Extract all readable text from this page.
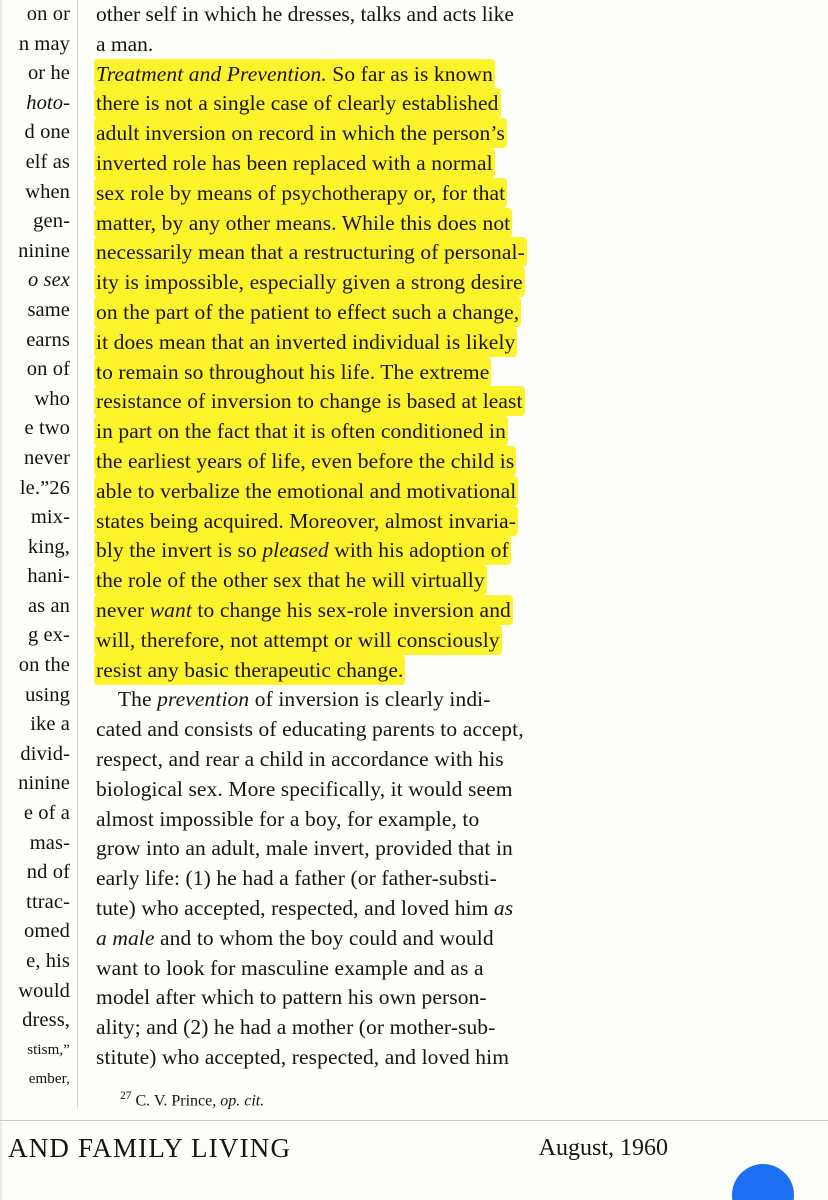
on or
n may
or he
hoto-
d one
elf as
when
gen-
ninine
o sex
same
earns
on of
who
e two
never
le.”26
mix-
king,
hani-
as an
g ex-
on the
using
ike a
divid-
ninine
e of a
mas-
nd of
ttrac-
omed
e, his
would
dress,
stism,”
ember,
other self in which he dresses, talks and acts like
a man.
Treatment and Prevention. So far as is known
there is not a single case of clearly established
adult inversion on record in which the person’s
inverted role has been replaced with a normal
sex role by means of psychotherapy or, for that
matter, by any other means. While this does not
necessarily mean that a restructuring of personal-
ity is impossible, especially given a strong desire
on the part of the patient to effect such a change,
it does mean that an inverted individual is likely
to remain so throughout his life. The extreme
resistance of inversion to change is based at least
in part on the fact that it is often conditioned in
the earliest years of life, even before the child is
able to verbalize the emotional and motivational
states being acquired. Moreover, almost invaria-
bly the invert is so pleased with his adoption of
the role of the other sex that he will virtually
never want to change his sex-role inversion and
will, therefore, not attempt or will consciously
resist any basic therapeutic change.
The prevention of inversion is clearly indi-
cated and consists of educating parents to accept,
respect, and rear a child in accordance with his
biological sex. More specifically, it would seem
almost impossible for a boy, for example, to
grow into an adult, male invert, provided that in
early life: (1) he had a father (or father-substi-
tute) who accepted, respected, and loved him as
a male and to whom the boy could and would
want to look for masculine example and as a
model after which to pattern his own person-
ality; and (2) he had a mother (or mother-sub-
stitute) who accepted, respected, and loved him
$^{27}$ C. V. Prince, op. cit.
AND FAMILY LIVING	August, 1960
